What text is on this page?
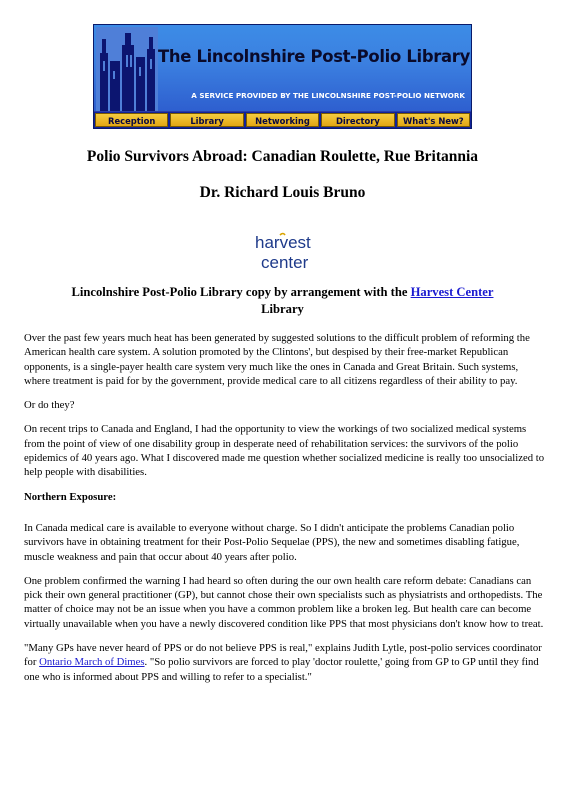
The Lincolnshire Post-Polio Library
A SERVICE PROVIDED BY THE LINCOLNSHIRE POST-POLIO NETWORK
Reception	Library	Networking	Directory	What's New?
Polio Survivors Abroad: Canadian Roulette, Rue Britannia
Dr. Richard Louis Bruno
harvest
center
Lincolnshire Post-Polio Library copy by arrangement with the Harvest Center
Library

Over the past few years much heat has been generated by suggested solutions to the difficult problem of reforming the American health care system. A solution promoted by the Clintons', but despised by their free-market Republican opponents, is a single-payer health care system very much like the ones in Canada and Great Britain. Such systems, where treatment is paid for by the government, provide medical care to all citizens regardless of their ability to pay.

Or do they?

On recent trips to Canada and England, I had the opportunity to view the workings of two socialized medical systems from the point of view of one disability group in desperate need of rehabilitation services: the survivors of the polio epidemics of 40 years ago. What I discovered made me question whether socialized medicine is really too unsocialized to help people with disabilities.

Northern Exposure:

In Canada medical care is available to everyone without charge. So I didn't anticipate the problems Canadian polio survivors have in obtaining treatment for their Post-Polio Sequelae (PPS), the new and sometimes disabling fatigue, muscle weakness and pain that occur about 40 years after polio.

One problem confirmed the warning I had heard so often during the our own health care reform debate: Canadians can pick their own general practitioner (GP), but cannot chose their own specialists such as physiatrists and orthopedists. The matter of choice may not be an issue when you have a common problem like a broken leg. But health care can become virtually unavailable when you have a newly discovered condition like PPS that most physicians don't know how to treat.

"Many GPs have never heard of PPS or do not believe PPS is real," explains Judith Lytle, post-polio services coordinator for Ontario March of Dimes. "So polio survivors are forced to play 'doctor roulette,' going from GP to GP until they find one who is informed about PPS and willing to refer to a specialist."
